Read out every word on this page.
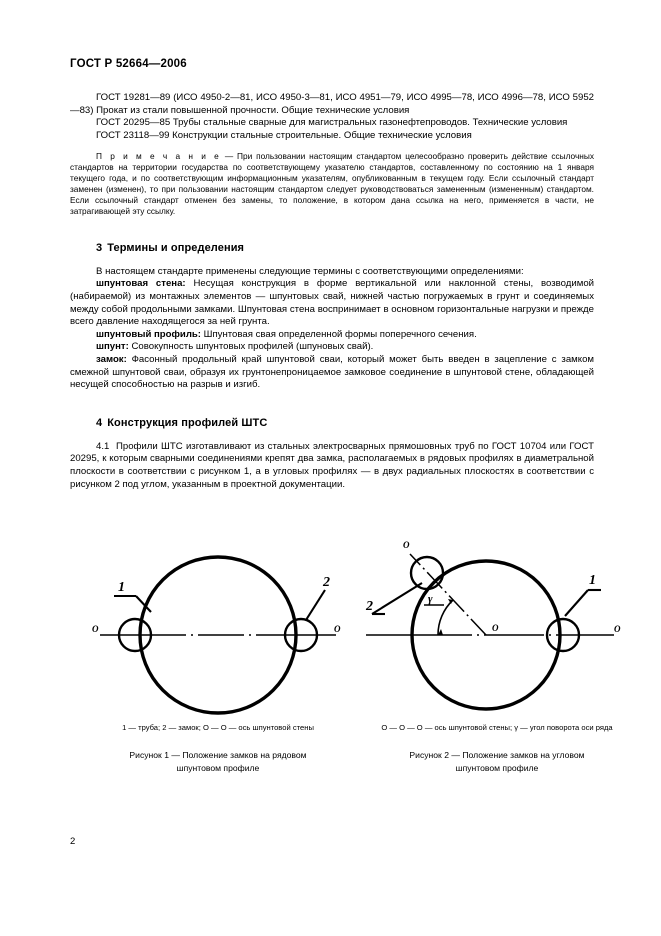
ГОСТ Р 52664—2006

ГОСТ 19281—89 (ИСО 4950-2—81, ИСО 4950-3—81, ИСО 4951—79, ИСО 4995—78, ИСО 4996—78, ИСО 5952—83) Прокат из стали повышенной прочности. Общие технические условия

ГОСТ 20295—85 Трубы стальные сварные для магистральных газонефтепроводов. Технические условия

ГОСТ 23118—99 Конструкции стальные строительные. Общие технические условия

П р и м е ч а н и е — При пользовании настоящим стандартом целесообразно проверить действие ссылочных стандартов на территории государства по соответствующему указателю стандартов, составленному по состоянию на 1 января текущего года, и по соответствующим информационным указателям, опубликованным в текущем году. Если ссылочный стандарт заменен (изменен), то при пользовании настоящим стандартом следует руководствоваться замененным (измененным) стандартом. Если ссылочный стандарт отменен без замены, то положение, в котором дана ссылка на него, применяется в части, не затрагивающей эту ссылку.

3 Термины и определения

В настоящем стандарте применены следующие термины с соответствующими определениями:

шпунтовая стена: Несущая конструкция в форме вертикальной или наклонной стены, возводимой (набираемой) из монтажных элементов — шпунтовых свай, нижней частью погружаемых в грунт и соединяемых между собой продольными замками. Шпунтовая стена воспринимает в основном горизонтальные нагрузки и прежде всего давление находящегося за ней грунта.

шпунтовый профиль: Шпунтовая свая определенной формы поперечного сечения.

шпунт: Совокупность шпунтовых профилей (шпуновых свай).

замок: Фасонный продольный край шпунтовой сваи, который может быть введен в зацепление с замком смежной шпунтовой сваи, образуя их грунтонепроницаемое замковое соединение в шпунтовой стене, обладающей несущей способностью на разрыв и изгиб.

4 Конструкция профилей ШТС

4.1 Профили ШТС изготавливают из стальных электросварных прямошовных труб по ГОСТ 10704 или ГОСТ 20295, к которым сварными соединениями крепят два замка, располагаемых в рядовых профилях в диаметральной плоскости в соответствии с рисунком 1, а в угловых профилях — в двух радиальных плоскостях в соответствии с рисунком 2 под углом, указанным в проектной документации.

1	2
О	О
1 — труба; 2 — замок; О — О — ось шпунтовой стены
Рисунок 1 — Положение замков на рядовом
шпунтовом профиле
γ
О
2
1
О
О
О — О — О — ось шпунтовой стены; γ — угол поворота оси ряда
Рисунок 2 — Положение замков на угловом
шпунтовом профиле
2
